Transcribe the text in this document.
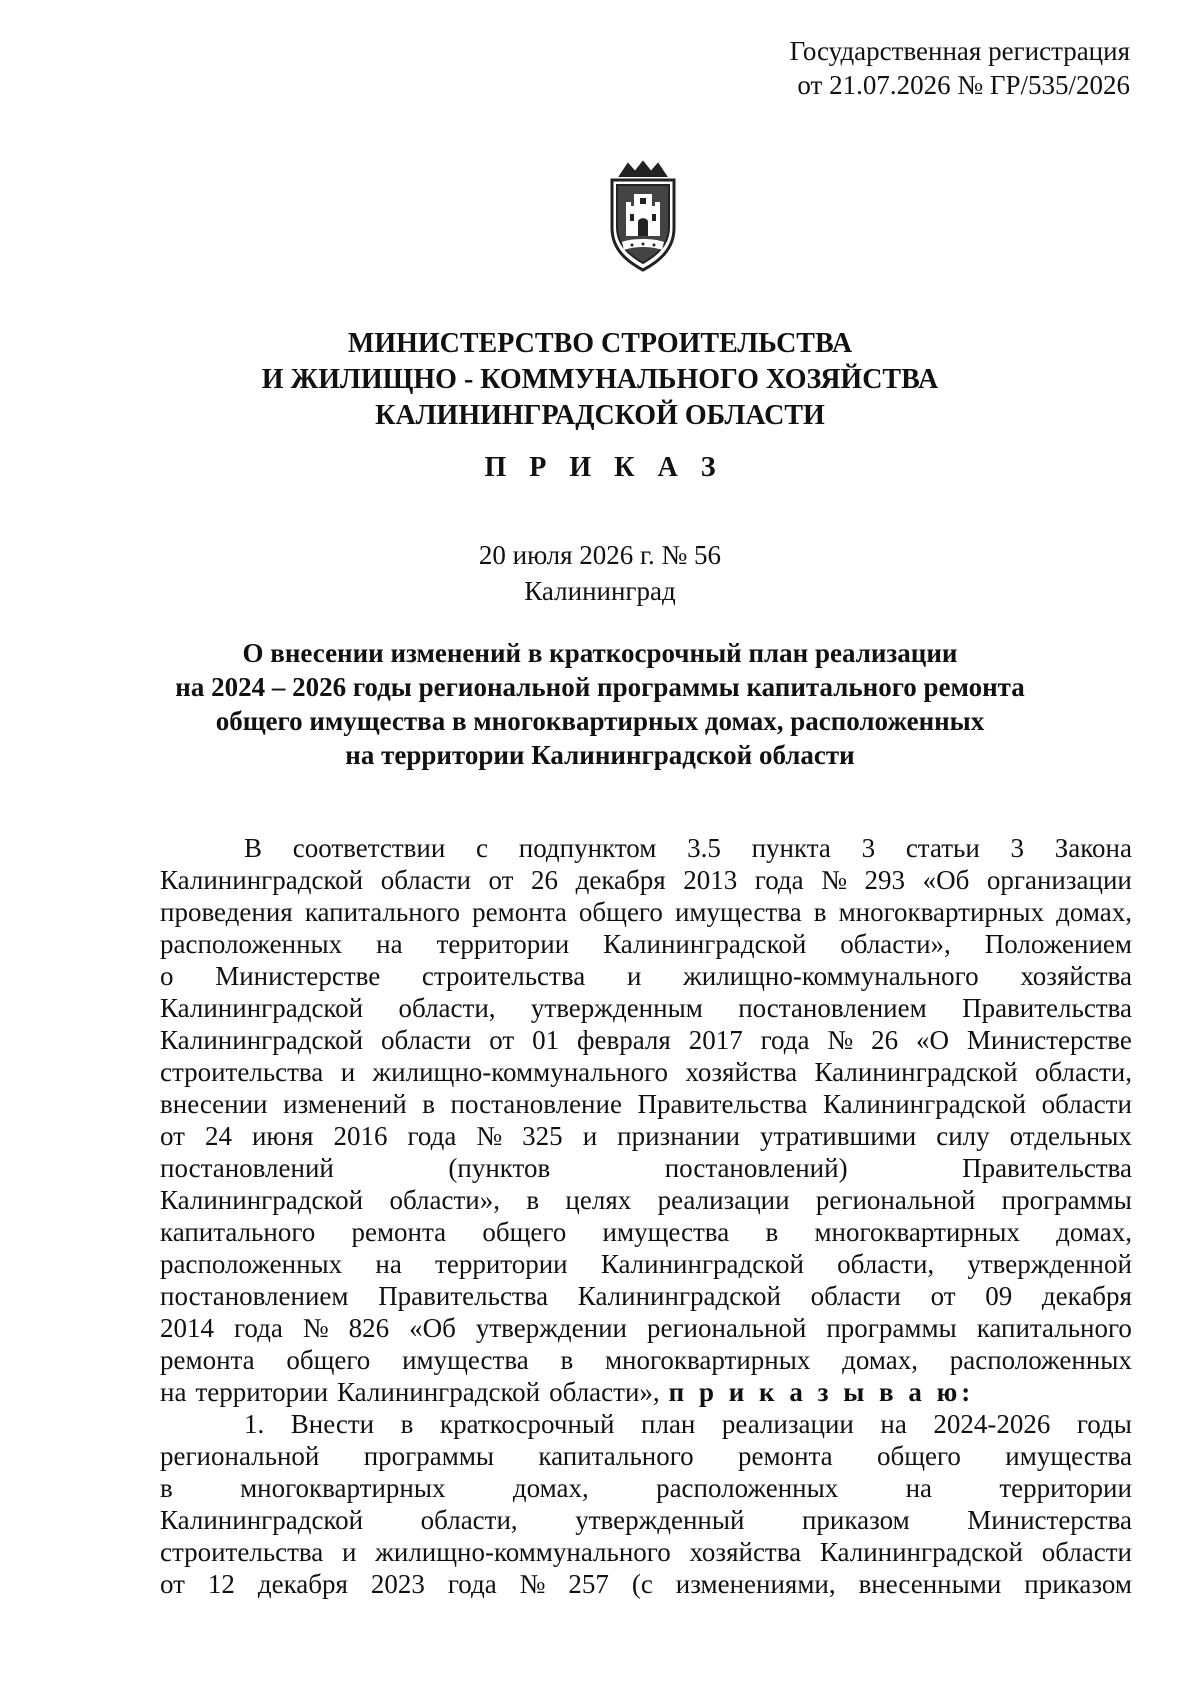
Государственная регистрация
от 21.07.2026 № ГР/535/2026
МИНИСТЕРСТВО СТРОИТЕЛЬСТВА
И ЖИЛИЩНО - КОММУНАЛЬНОГО ХОЗЯЙСТВА
КАЛИНИНГРАДСКОЙ ОБЛАСТИ
П Р И К А З
20 июля 2026 г. № 56
Калининград
О внесении изменений в краткосрочный план реализации
на 2024 – 2026 годы региональной программы капитального ремонта
общего имущества в многоквартирных домах, расположенных
на территории Калининградской области
В соответствии с подпунктом 3.5 пункта 3 статьи 3 Закона
Калининградской области от 26 декабря 2013 года № 293 «Об организации
проведения капитального ремонта общего имущества в многоквартирных домах,
расположенных на территории Калининградской области», Положением
о Министерстве строительства и жилищно-коммунального хозяйства
Калининградской области, утвержденным постановлением Правительства
Калининградской области от 01 февраля 2017 года № 26 «О Министерстве
строительства и жилищно-коммунального хозяйства Калининградской области,
внесении изменений в постановление Правительства Калининградской области
от 24 июня 2016 года № 325 и признании утратившими силу отдельных
постановлений	(пунктов	постановлений)	Правительства
Калининградской области», в целях реализации региональной программы
капитального ремонта общего имущества в многоквартирных домах,
расположенных на территории Калининградской области, утвержденной
постановлением Правительства Калининградской области от 09 декабря
2014 года № 826 «Об утверждении региональной программы капитального
ремонта общего имущества в многоквартирных домах, расположенных
на территории Калининградской области», п р и к а з ы в а ю:
1. Внести в краткосрочный план реализации на 2024-2026 годы
региональной программы капитального ремонта общего имущества
в многоквартирных домах, расположенных на территории
Калининградской области, утвержденный приказом Министерства
строительства и жилищно-коммунального хозяйства Калининградской области
от 12 декабря 2023 года № 257 (с изменениями, внесенными приказом
